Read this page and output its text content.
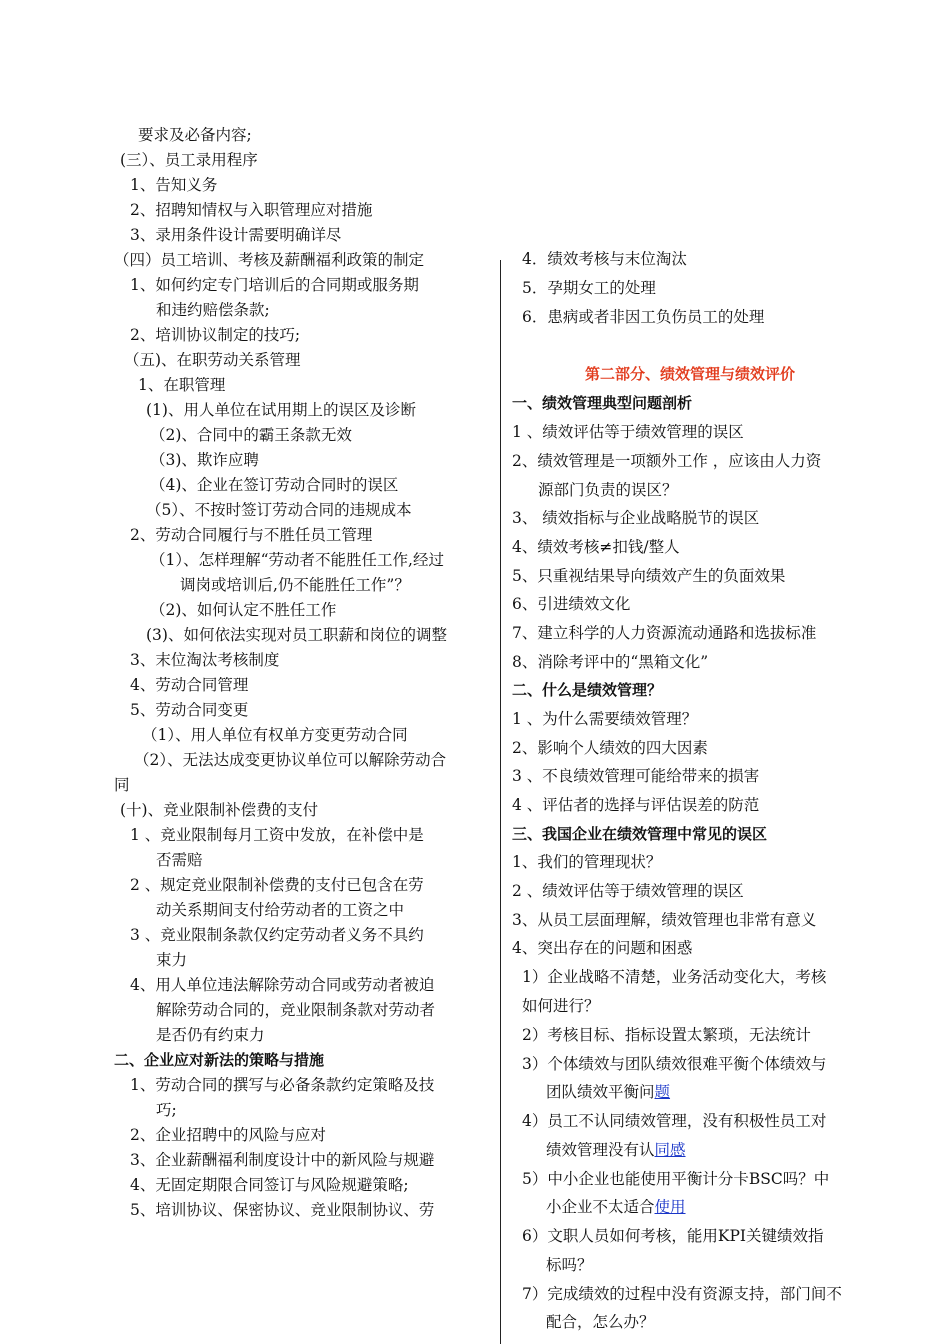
要求及必备内容;
(三）、员工录用程序
1、告知义务
2、招聘知情权与入职管理应对措施
3、录用条件设计需要明确详尽
（四）员工培训、考核及薪酬福利政策的制定
1、如何约定专门培训后的合同期或服务期
和违约赔偿条款;
2、培训协议制定的技巧;
（五)、在职劳动关系管理
1、在职管理
(1)、用人单位在试用期上的误区及诊断
（2)、合同中的霸王条款无效
（3)、欺诈应聘
（4)、企业在签订劳动合同时的误区
（5）、不按时签订劳动合同的违规成本
2、劳动合同履行与不胜任员工管理
（1）、怎样理解“劳动者不能胜任工作,经过
调岗或培训后,仍不能胜任工作”？
（2)、如何认定不胜任工作
(3)、如何依法实现对员工职薪和岗位的调整
3、末位淘汰考核制度
4、劳动合同管理
5、劳动合同变更
（1）、用人单位有权单方变更劳动合同
（2）、无法达成变更协议单位可以解除劳动合
同
(十)、竞业限制补偿费的支付
1 、竞业限制每月工资中发放，在补偿中是
否需赔
2 、规定竞业限制补偿费的支付已包含在劳
动关系期间支付给劳动者的工资之中
3 、竞业限制条款仅约定劳动者义务不具约
束力
4、用人单位违法解除劳动合同或劳动者被迫
解除劳动合同的，竞业限制条款对劳动者
是否仍有约束力
二、企业应对新法的策略与措施
1、劳动合同的撰写与必备条款约定策略及技
巧;
2、企业招聘中的风险与应对
3、企业薪酬福利制度设计中的新风险与规避
4、无固定期限合同签订与风险规避策略;
5、培训协议、保密协议、竞业限制协议、劳
4．绩效考核与末位淘汰
5．孕期女工的处理
6．患病或者非因工负伤员工的处理
第二部分、绩效管理与绩效评价
一、绩效管理典型问题剖析
1 、绩效评估等于绩效管理的误区
2、绩效管理是一项额外工作 ，应该由人力资
源部门负责的误区？
3、 绩效指标与企业战略脱节的误区
4、绩效考核≠扣钱/整人
5、只重视结果导向绩效产生的负面效果
6、引进绩效文化
7、建立科学的人力资源流动通路和选拔标准
8、消除考评中的“黑箱文化”
二、什么是绩效管理？
1 、为什么需要绩效管理？
2、影响个人绩效的四大因素
3 、不良绩效管理可能给带来的损害
4 、评估者的选择与评估误差的防范
三、我国企业在绩效管理中常见的误区
1、我们的管理现状？
2 、绩效评估等于绩效管理的误区
3、从员工层面理解，绩效管理也非常有意义
4、突出存在的问题和困惑
1）企业战略不清楚，业务活动变化大，考核
如何进行？
2）考核目标、指标设置太繁琐，无法统计
3）个体绩效与团队绩效很难平衡个体绩效与
团队绩效平衡问题
4）员工不认同绩效管理，没有积极性员工对
绩效管理没有认同感
5）中小企业也能使用平衡计分卡BSC吗？中
小企业不太适合使用
6）文职人员如何考核，能用KPI关键绩效指
标吗？
7）完成绩效的过程中没有资源支持，部门间不
配合，怎么办？
